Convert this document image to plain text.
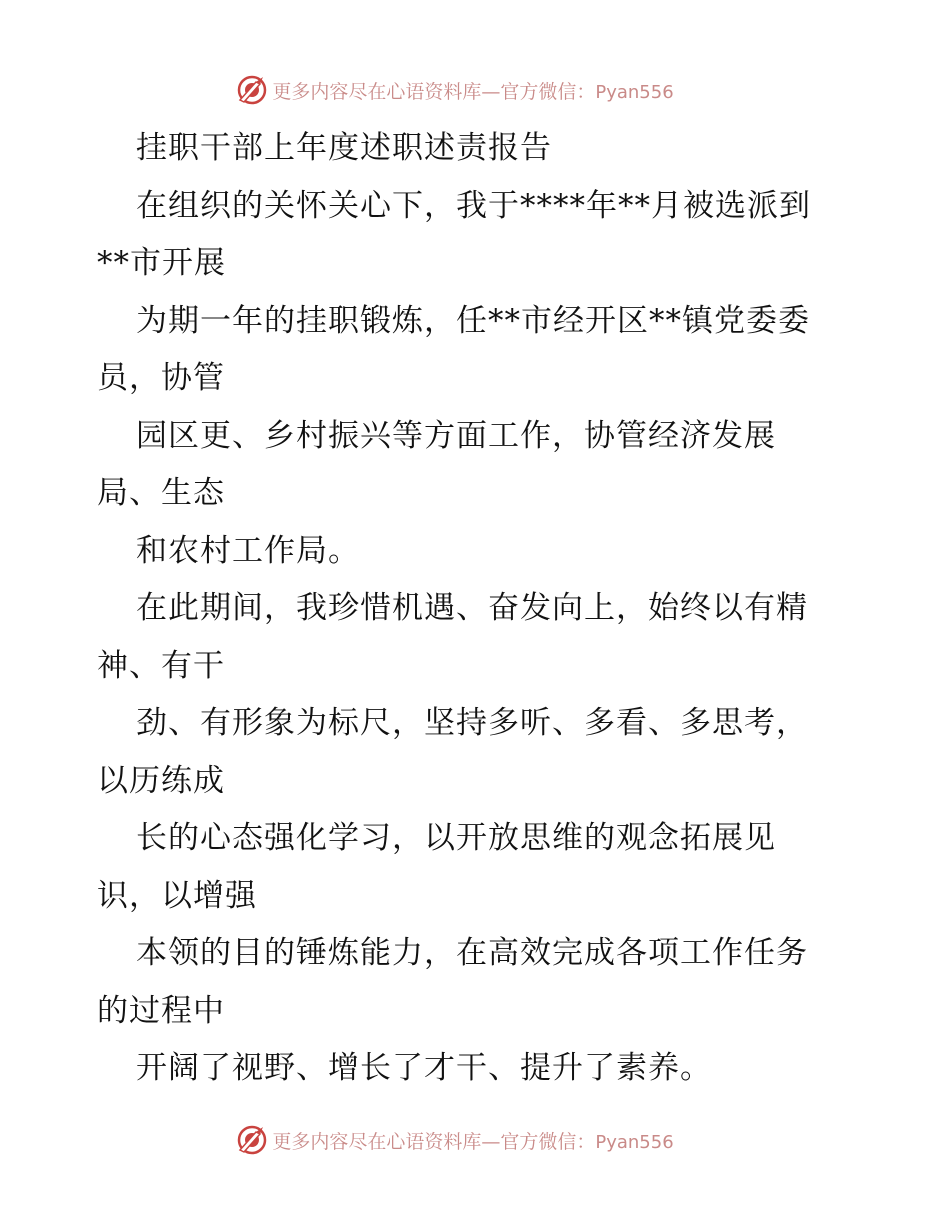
更多内容尽在心语资料库—官方微信：Pyan556
挂职干部上年度述职述责报告
在组织的关怀关心下，我于****年**月被选派到
**市开展
为期一年的挂职锻炼，任**市经开区**镇党委委
员，协管
园区更、乡村振兴等方面工作，协管经济发展
局、生态
和农村工作局。
在此期间，我珍惜机遇、奋发向上，始终以有精
神、有干
劲、有形象为标尺，坚持多听、多看、多思考，
以历练成
长的心态强化学习，以开放思维的观念拓展见
识，以增强
本领的目的锤炼能力，在高效完成各项工作任务
的过程中
开阔了视野、增长了才干、提升了素养。
更多内容尽在心语资料库—官方微信：Pyan556
